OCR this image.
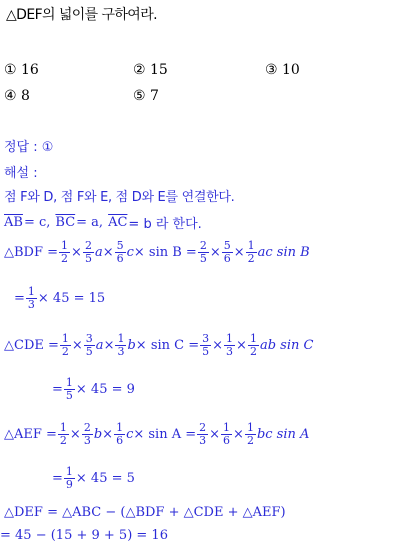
△DEF의 넓이를 구하여라.
① 16	② 15	③ 10
④ 8	⑤ 7
정답 : ①
해설 :
점 F와 D, 점 F와 E, 점 D와 E를 연결한다.
$\overline{AB} = c$, $\overline{BC} = a$, $\overline{AC} = b$ 라 한다.
△BDF = $\frac{1}{2} \times \frac{2}{5}$ $a \times \frac{5}{6}$ $c \times \sin B = \frac{2}{5} \times \frac{5}{6} \times \frac{1}{2}$ ac sin B
= $\frac{1}{3} \times 45 = 15$
△CDE = $\frac{1}{2} \times \frac{3}{5}$ $a \times \frac{1}{3}$ $b \times \sin C = \frac{3}{5} \times \frac{1}{3} \times \frac{1}{2}$ ab sin C
= $\frac{1}{5} \times 45 = 9$
△AEF = $\frac{1}{2} \times \frac{2}{3}$ $b \times \frac{1}{6}$ $c \times \sin A = \frac{2}{3} \times \frac{1}{6} \times \frac{1}{2}$ bc sin A
= $\frac{1}{9} \times 45 = 5$
△DEF = △ABC − (△BDF + △CDE + △AEF)
= 45 − (15 + 9 + 5) = 16
